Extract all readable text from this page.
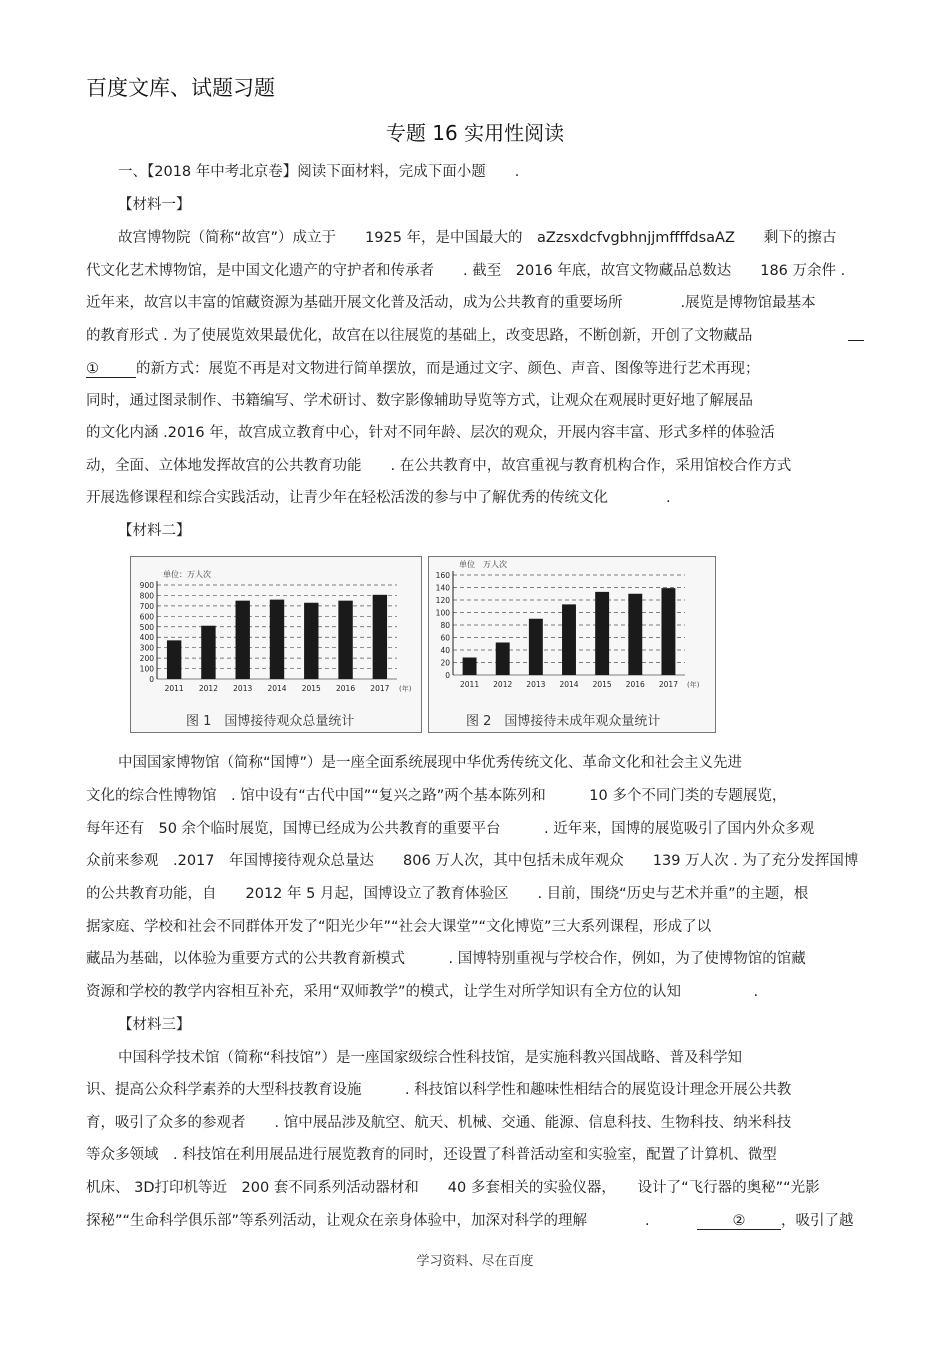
百度文库、试题习题
专题 16 实用性阅读
一、【2018 年中考北京卷】阅读下面材料，完成下面小题　　.
【材料一】
故宫博物院（简称“故宫”）成立于　　1925 年，是中国最大的　aZzsxdcfvgbhnjjmffffdsaAZ　　剩下的擦古
代文化艺术博物馆，是中国文化遗产的守护者和传承者　　. 截至　2016 年底，故宫文物藏品总数达　　186 万余件 .
近年来，故宫以丰富的馆藏资源为基础开展文化普及活动，成为公共教育的重要场所　　　　.展览是博物馆最基本
的教育形式 . 为了使展览效果最优化，故宫在以往展览的基础上，改变思路，不断创新，开创了文物藏品
①	的新方式：展览不再是对文物进行简单摆放，而是通过文字、颜色、声音、图像等进行艺术再现；
同时，通过图录制作、书籍编写、学术研讨、数字影像辅助导览等方式，让观众在观展时更好地了解展品
的文化内涵 .2016 年，故宫成立教育中心，针对不同年龄、层次的观众，开展内容丰富、形式多样的体验活
动，全面、立体地发挥故宫的公共教育功能　　. 在公共教育中，故宫重视与教育机构合作，采用馆校合作方式
开展选修课程和综合实践活动，让青少年在轻松活泼的参与中了解优秀的传统文化　　　　.
【材料二】
单位：万人次
0
100
200
300
400
500
600
700
800
900
2011 2012 2013 2014 2015 2016 2017 (年)
单位　万人次
0
20
40
60
80
100
120
140
160
2011 2012 2013 2014 2015 2016 2017 (年)
图 1　国博接待观众总量统计	图 2　国博接待未成年观众量统计
中国国家博物馆（简称“国博”）是一座全面系统展现中华优秀传统文化、革命文化和社会主义先进
文化的综合性博物馆　. 馆中设有“古代中国”“复兴之路”两个基本陈列和　　　10 多个不同门类的专题展览，
每年还有　50 余个临时展览，国博已经成为公共教育的重要平台　　　. 近年来，国博的展览吸引了国内外众多观
众前来参观　.2017　年国博接待观众总量达　　806 万人次，其中包括未成年观众　　139 万人次 . 为了充分发挥国博
的公共教育功能，自　　2012 年 5 月起，国博设立了教育体验区　　. 目前，围绕“历史与艺术并重”的主题，根
据家庭、学校和社会不同群体开发了“阳光少年”“社会大课堂”“文化博览”三大系列课程，形成了以
藏品为基础，以体验为重要方式的公共教育新模式　　　. 国博特别重视与学校合作，例如，为了使博物馆的馆藏
资源和学校的教学内容相互补充，采用“双师教学”的模式，让学生对所学知识有全方位的认知　　　　　.
【材料三】
中国科学技术馆（简称“科技馆”）是一座国家级综合性科技馆，是实施科教兴国战略、普及科学知
识、提高公众科学素养的大型科技教育设施　　　. 科技馆以科学性和趣味性相结合的展览设计理念开展公共教
育，吸引了众多的参观者　　. 馆中展品涉及航空、航天、机械、交通、能源、信息科技、生物科技、纳米科技
等众多领域　. 科技馆在利用展品进行展览教育的同时，还设置了科普活动室和实验室，配置了计算机、微型
机床、 3D打印机等近　200 套不同系列活动器材和　　40 多套相关的实验仪器，　　设计了“飞行器的奥秘”“光影
探秘”“生命科学俱乐部”等系列活动，让观众在亲身体验中，加深对科学的理解　　　　.	② ，吸引了越
学习资料、尽在百度
